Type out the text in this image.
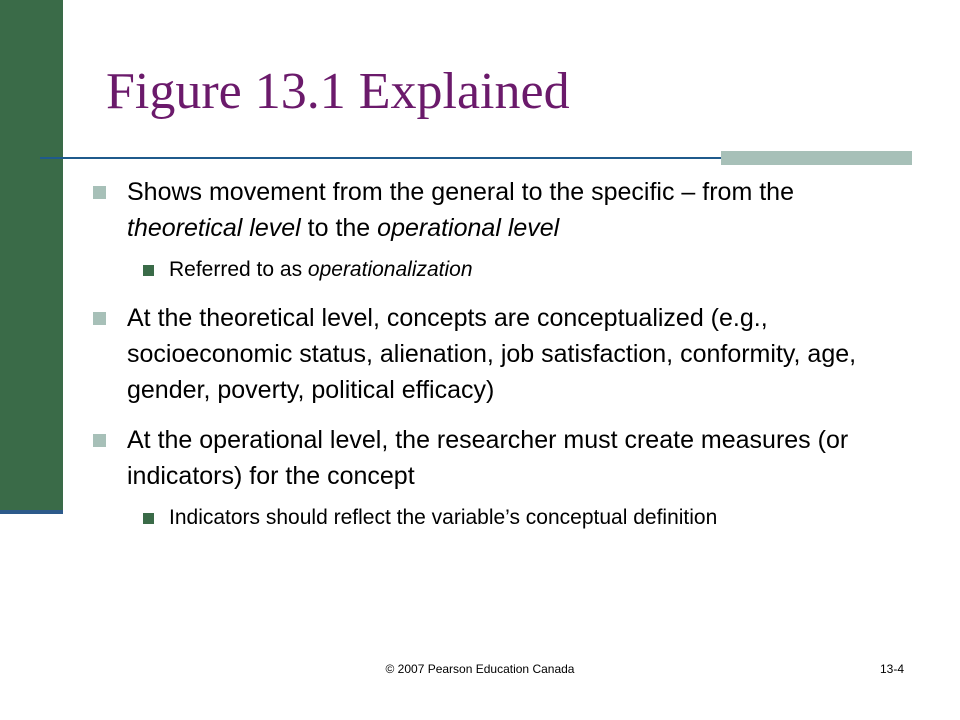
Figure 13.1 Explained
Shows movement from the general to the specific – from the theoretical level to the operational level
Referred to as operationalization
At the theoretical level, concepts are conceptualized (e.g., socioeconomic status, alienation, job satisfaction, conformity, age, gender, poverty, political efficacy)
At the operational level, the researcher must create measures (or indicators) for the concept
Indicators should reflect the variable’s conceptual definition
© 2007 Pearson Education Canada	13-4
